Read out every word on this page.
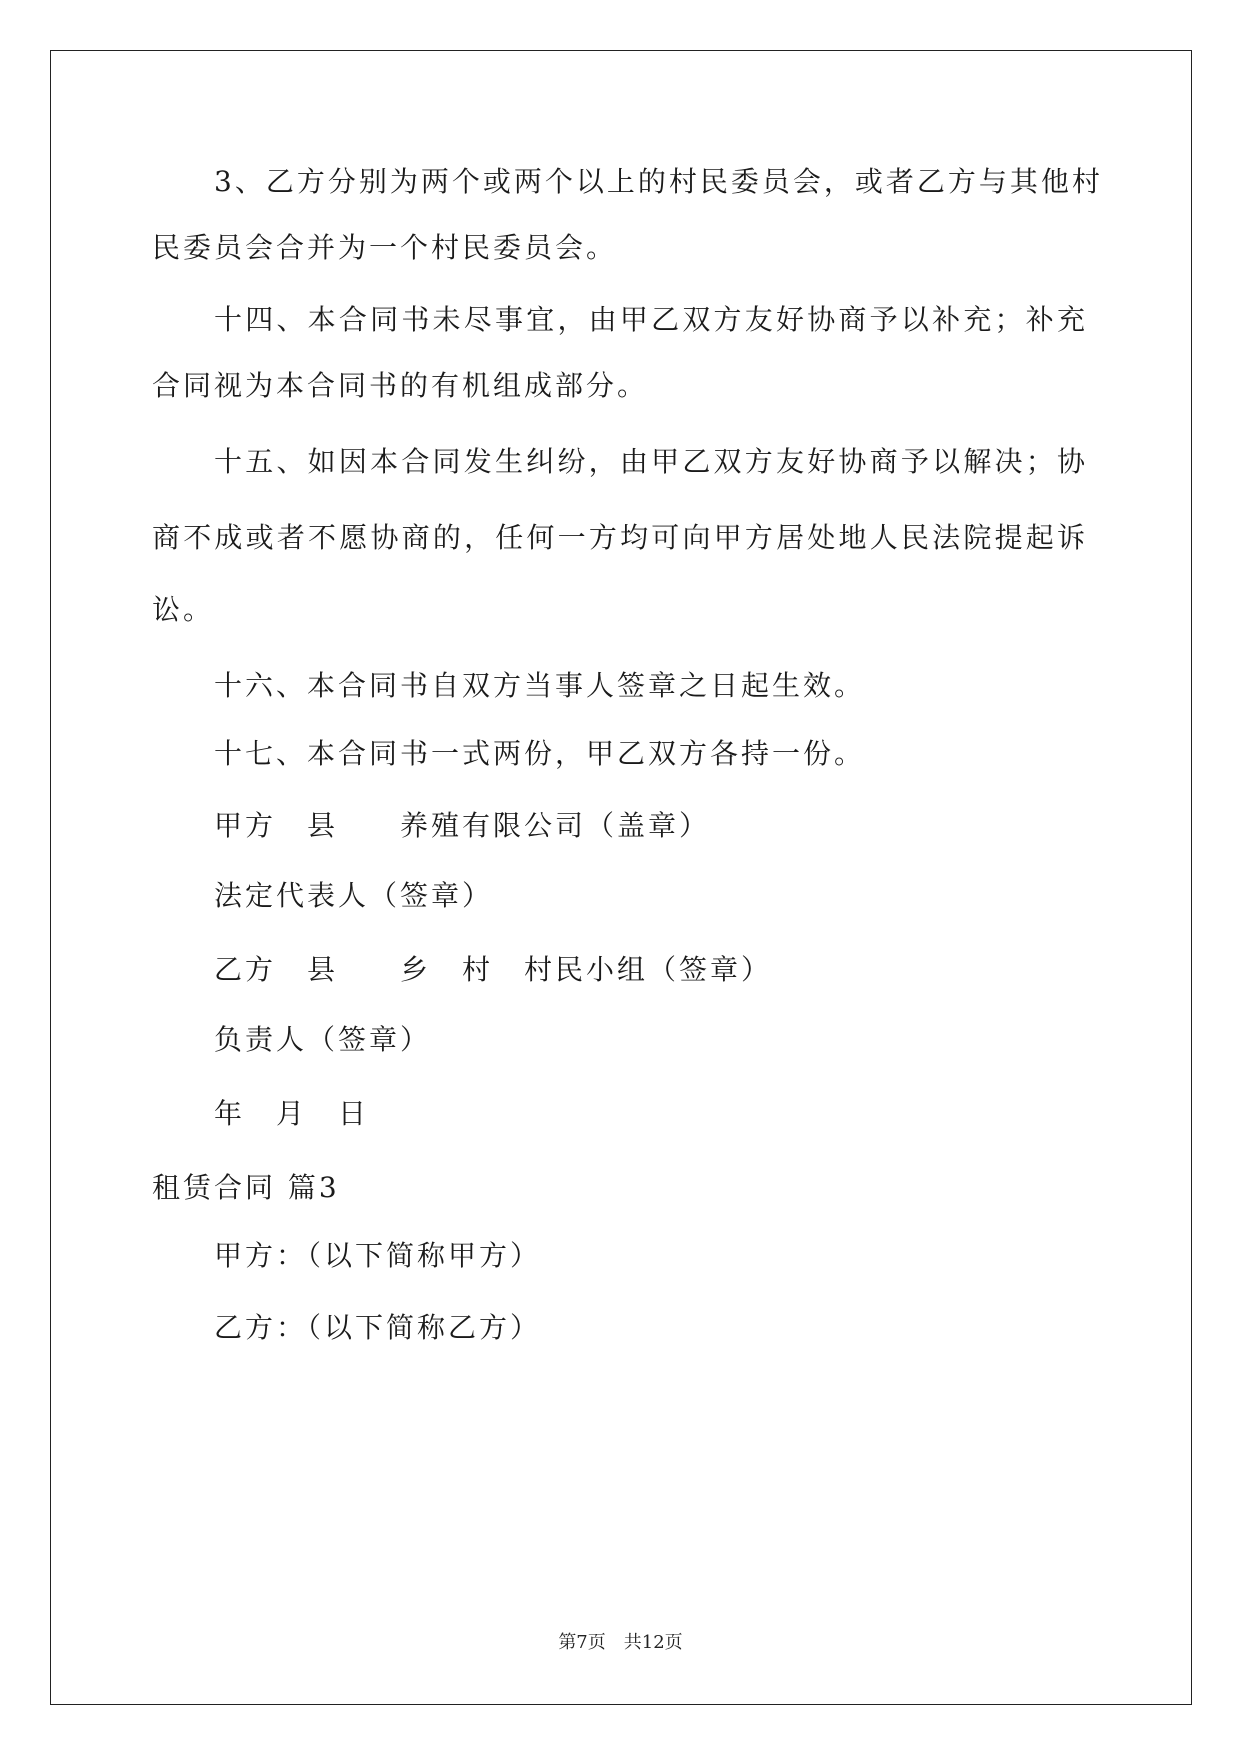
3、乙方分别为两个或两个以上的村民委员会，或者乙方与其他村
民委员会合并为一个村民委员会。
十四、本合同书未尽事宜，由甲乙双方友好协商予以补充；补充
合同视为本合同书的有机组成部分。
十五、如因本合同发生纠纷，由甲乙双方友好协商予以解决；协
商不成或者不愿协商的，任何一方均可向甲方居处地人民法院提起诉
讼。
十六、本合同书自双方当事人签章之日起生效。
十七、本合同书一式两份，甲乙双方各持一份。
甲方　县　　养殖有限公司（盖章）
法定代表人（签章）
乙方　县　　乡　村　村民小组（签章）
负责人（签章）
年　月　日
租赁合同 篇3
甲方：（以下简称甲方）
乙方：（以下简称乙方）
第7页　共12页
